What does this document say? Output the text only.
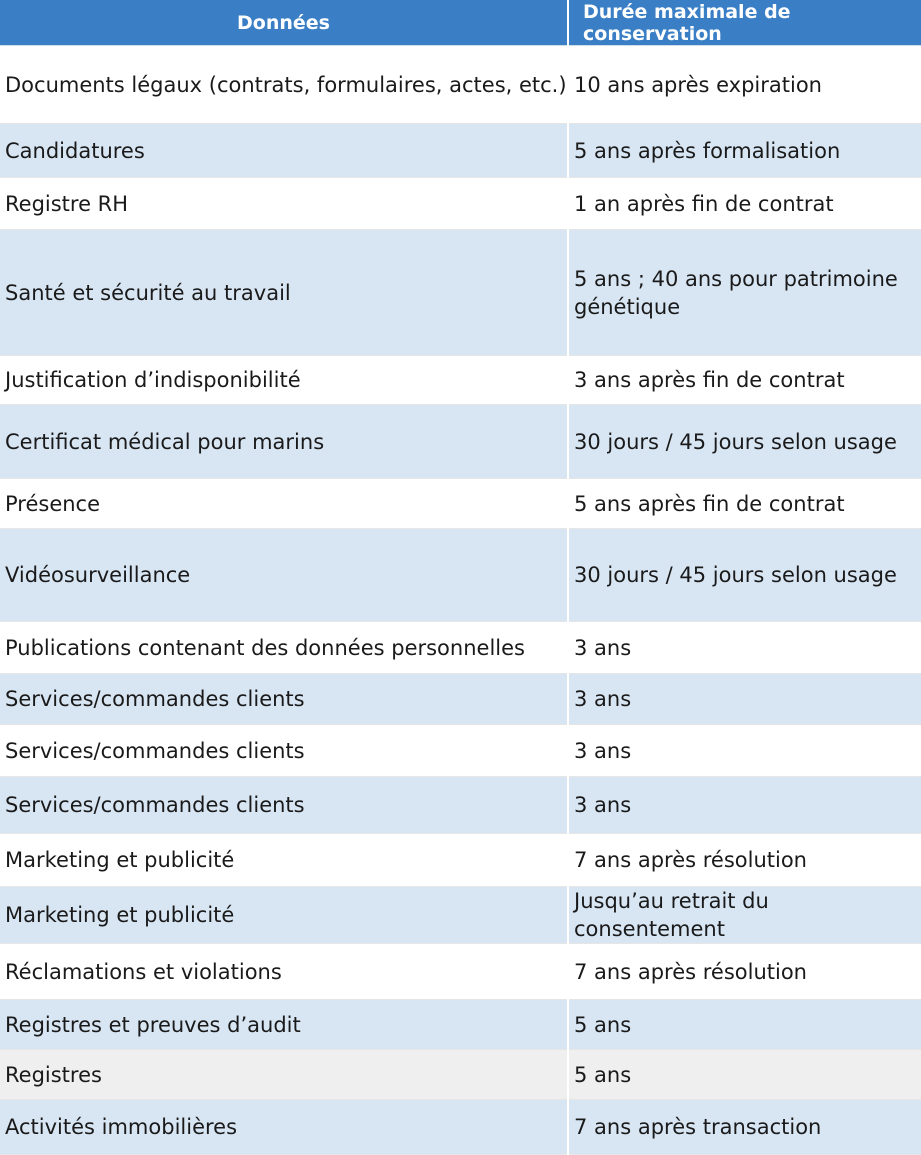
Données	Durée maximale de conservation
Documents légaux (contrats, formulaires, actes, etc.)	10 ans après expiration
Candidatures	5 ans après formalisation
Registre RH	1 an après fin de contrat
Santé et sécurité au travail	5 ans ; 40 ans pour patrimoine génétique
Justification d’indisponibilité	3 ans après fin de contrat
Certificat médical pour marins	30 jours / 45 jours selon usage
Présence	5 ans après fin de contrat
Vidéosurveillance	30 jours / 45 jours selon usage
Publications contenant des données personnelles	3 ans
Services/commandes clients	3 ans
Services/commandes clients	3 ans
Services/commandes clients	3 ans
Marketing et publicité	7 ans après résolution
Marketing et publicité	Jusqu’au retrait du consentement
Réclamations et violations	7 ans après résolution
Registres et preuves d’audit	5 ans
Registres	5 ans
Activités immobilières	7 ans après transaction
